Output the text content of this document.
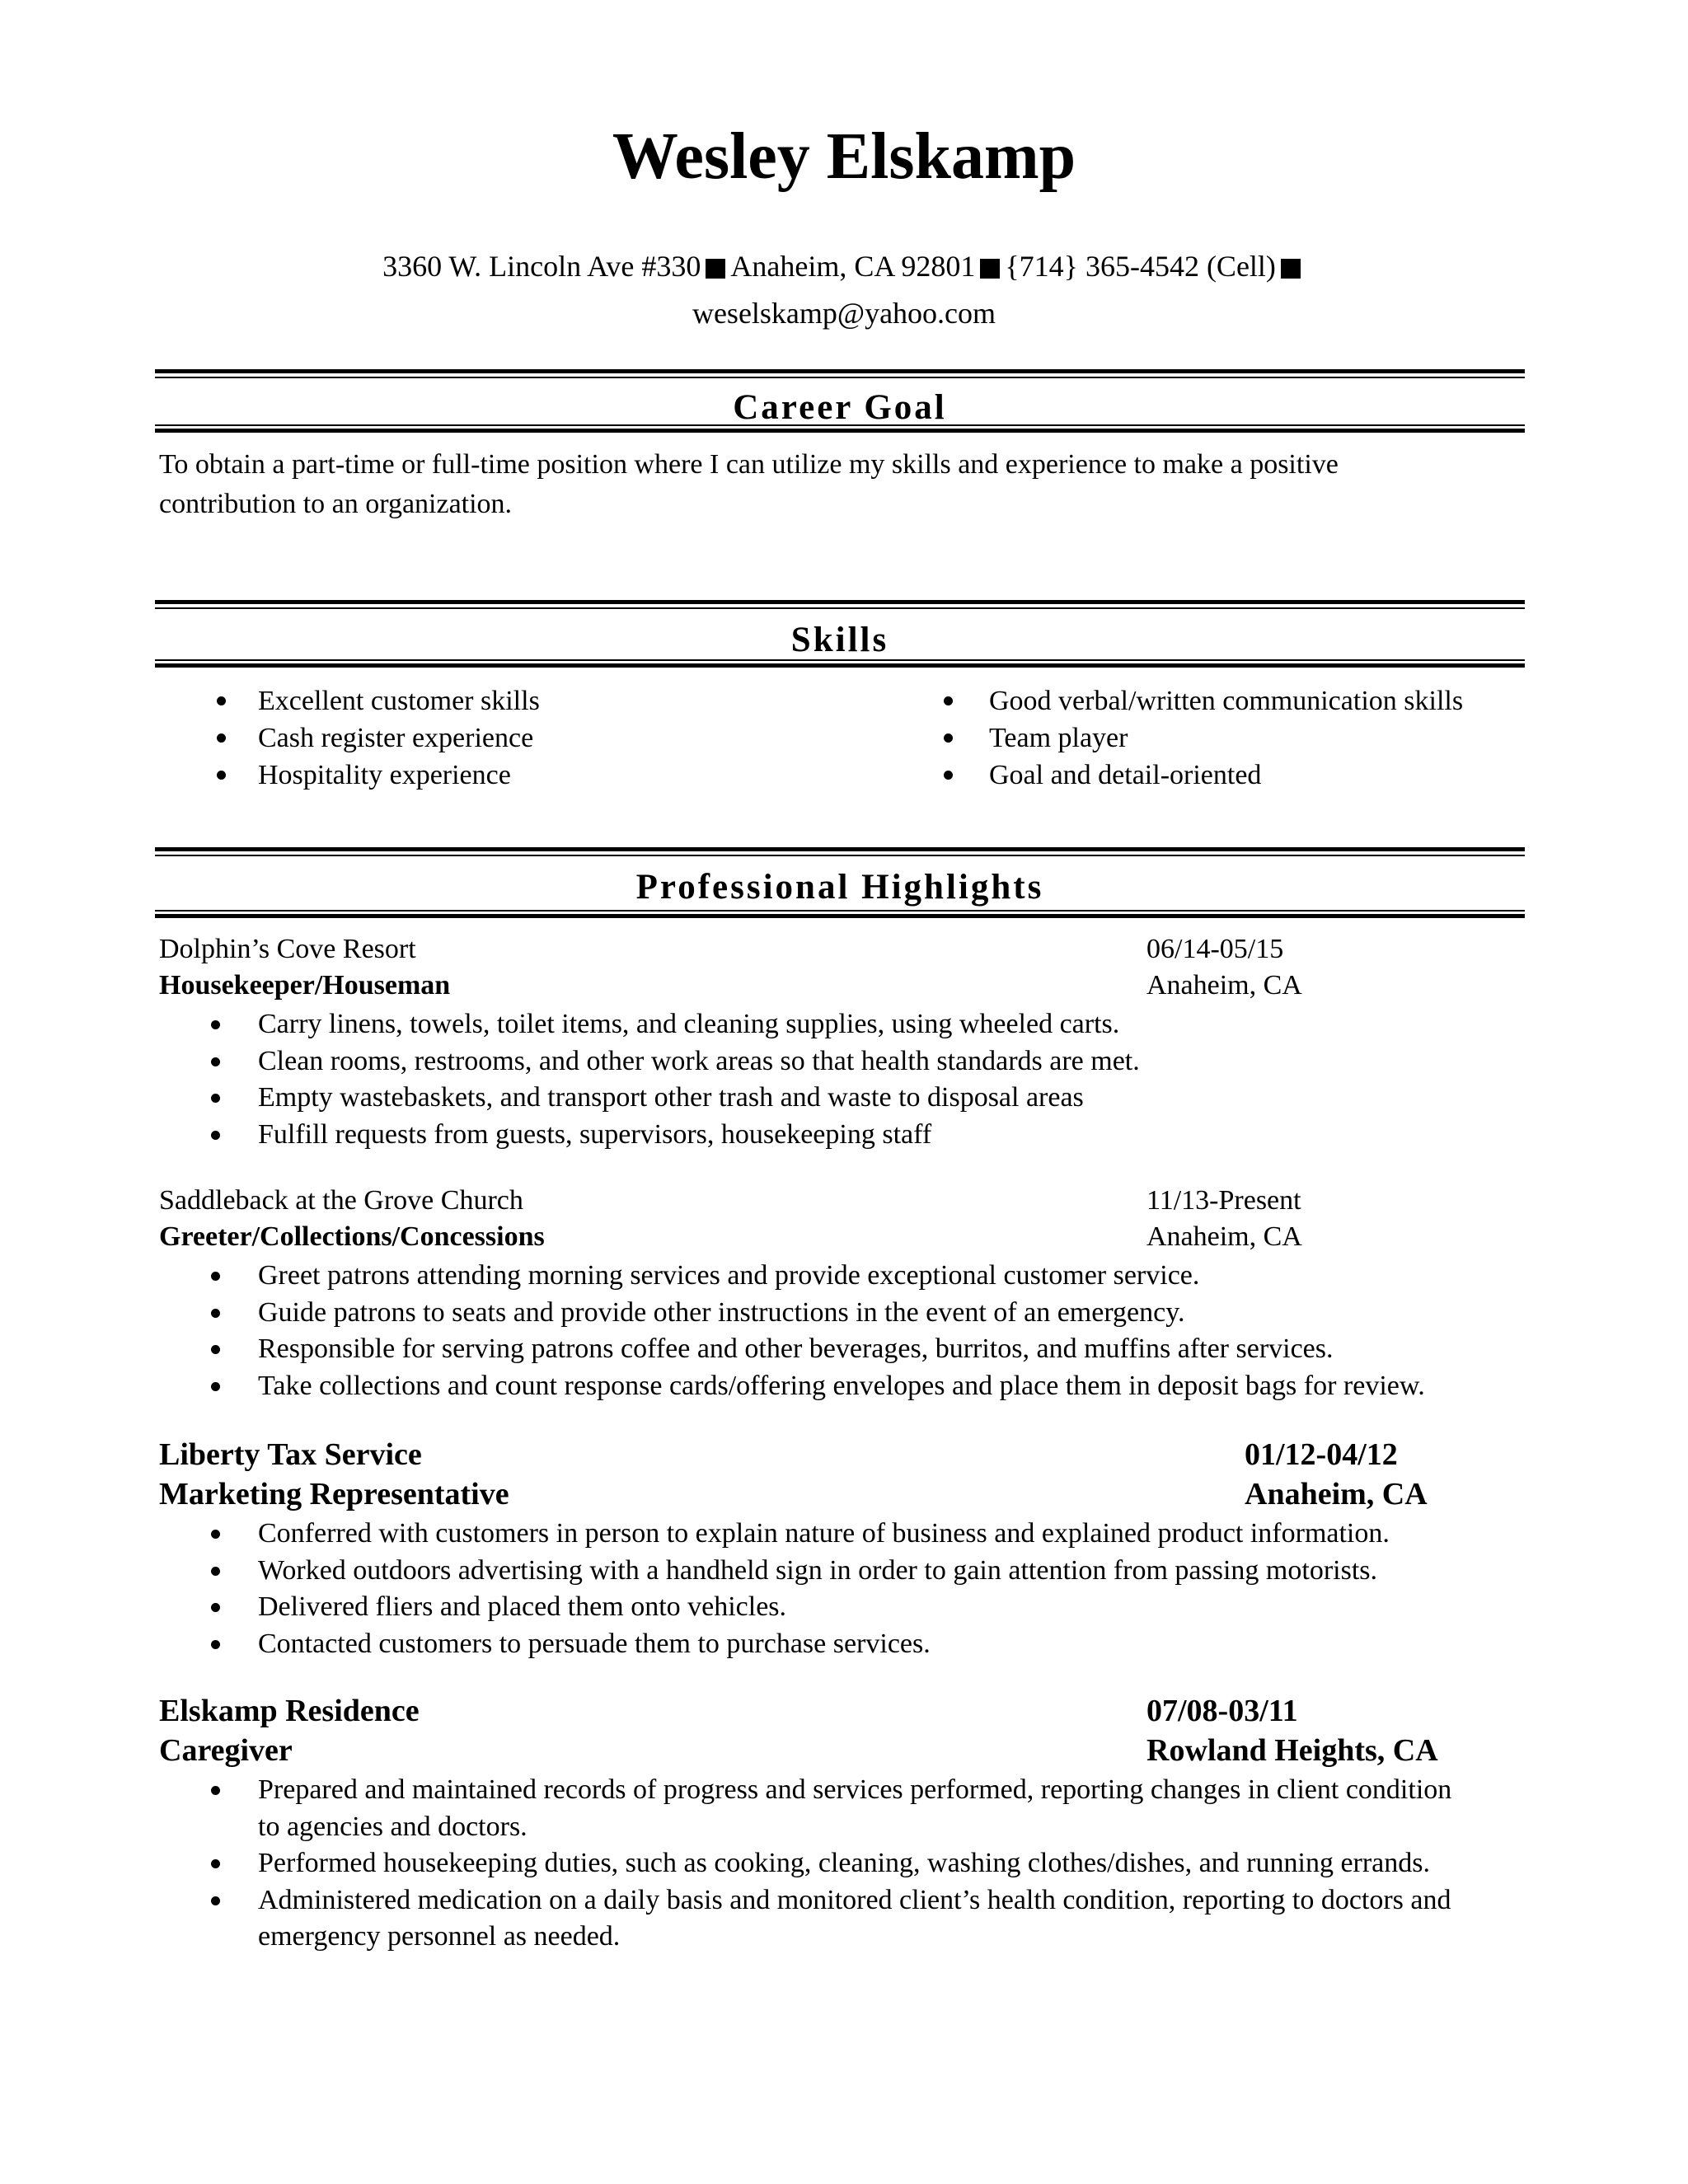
Wesley Elskamp
3360 W. Lincoln Ave #330 Anaheim, CA 92801 {714} 365-4542 (Cell)
weselskamp@yahoo.com
Career Goal
To obtain a part-time or full-time position where I can utilize my skills and experience to make a positive contribution to an organization.
Skills
Excellent customer skills
Cash register experience
Hospitality experience
Good verbal/written communication skills
Team player
Goal and detail-oriented
Professional Highlights
Dolphin’s Cove Resort	06/14-05/15
Housekeeper/Houseman	Anaheim, CA
Carry linens, towels, toilet items, and cleaning supplies, using wheeled carts.
Clean rooms, restrooms, and other work areas so that health standards are met.
Empty wastebaskets, and transport other trash and waste to disposal areas
Fulfill requests from guests, supervisors, housekeeping staff
Saddleback at the Grove Church	11/13-Present
Greeter/Collections/Concessions	Anaheim, CA
Greet patrons attending morning services and provide exceptional customer service.
Guide patrons to seats and provide other instructions in the event of an emergency.
Responsible for serving patrons coffee and other beverages, burritos, and muffins after services.
Take collections and count response cards/offering envelopes and place them in deposit bags for review.
Liberty Tax Service	01/12-04/12
Marketing Representative	Anaheim, CA
Conferred with customers in person to explain nature of business and explained product information.
Worked outdoors advertising with a handheld sign in order to gain attention from passing motorists.
Delivered fliers and placed them onto vehicles.
Contacted customers to persuade them to purchase services.
Elskamp Residence	07/08-03/11
Caregiver	Rowland Heights, CA
Prepared and maintained records of progress and services performed, reporting changes in client condition to agencies and doctors.
Performed housekeeping duties, such as cooking, cleaning, washing clothes/dishes, and running errands.
Administered medication on a daily basis and monitored client’s health condition, reporting to doctors and emergency personnel as needed.
